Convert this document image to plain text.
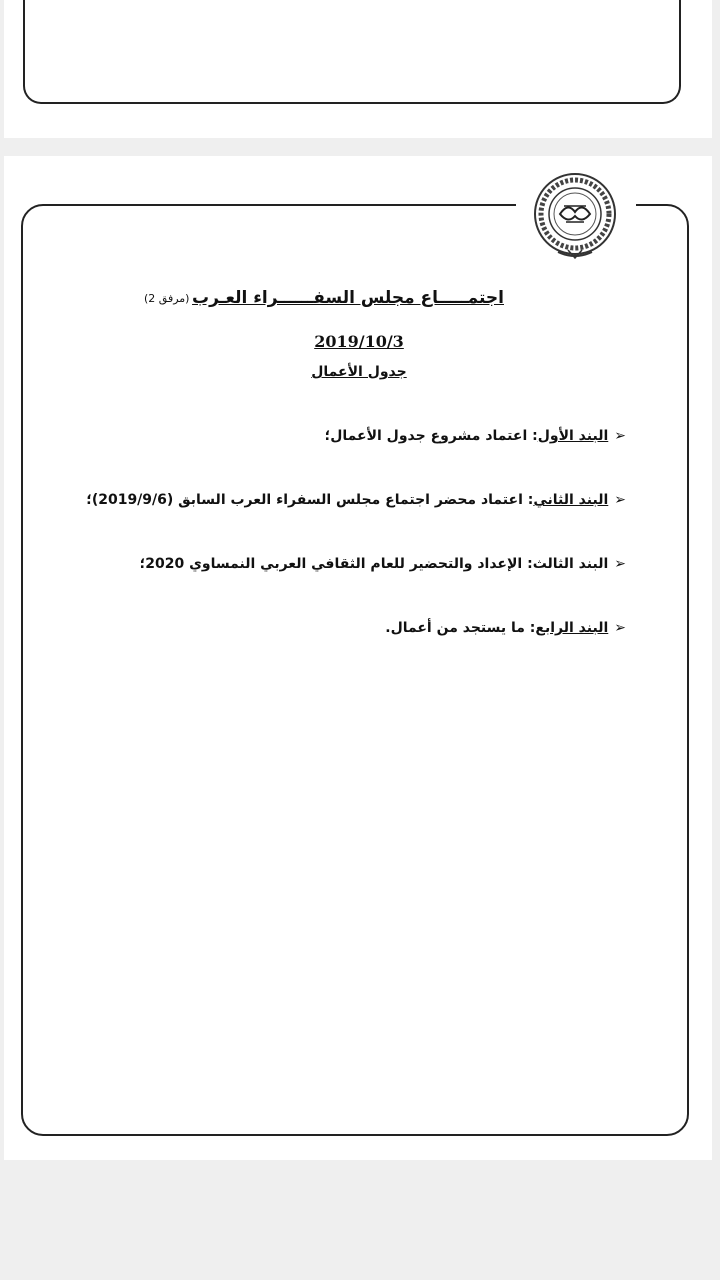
اجتمـــــاع مجلس السفــــــراء العـرب
(مرفق 2)
2019/10/3
جدول الأعمال
➢البند الأول: اعتماد مشروع جدول الأعمال؛
➢البند الثاني: اعتماد محضر اجتماع مجلس السفراء العرب السابق (2019/9/6)؛
➢البند الثالث: الإعداد والتحضير للعام الثقافي العربي النمساوي 2020؛
➢البند الرابع: ما يستجد من أعمال.
